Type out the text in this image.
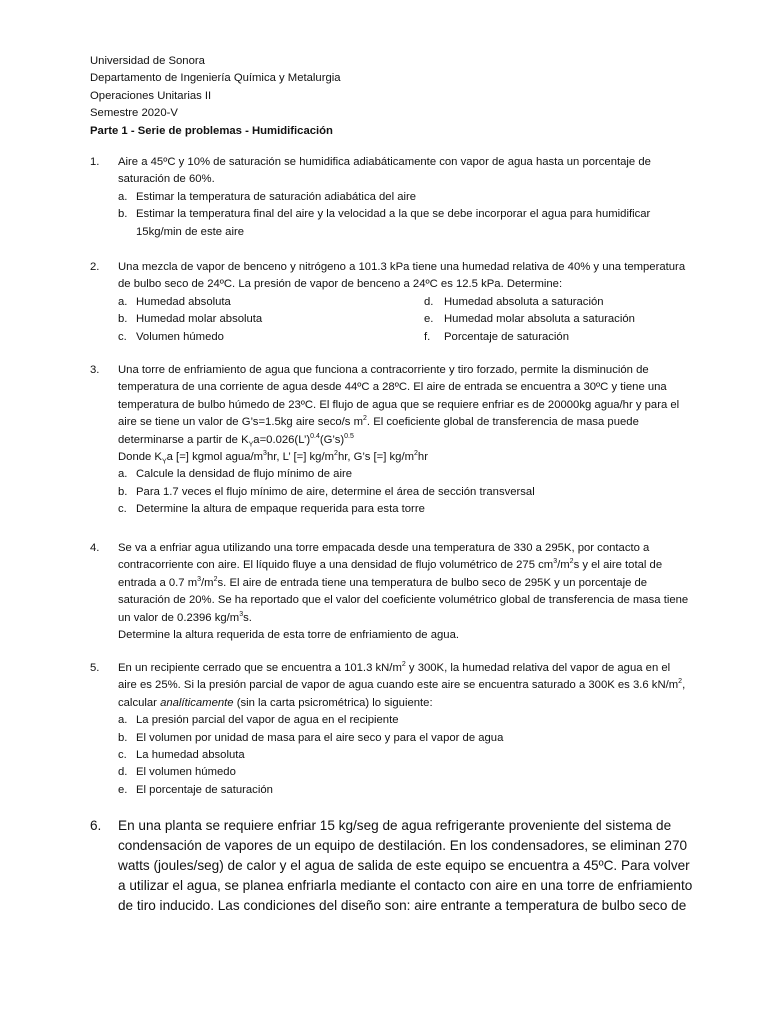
Universidad de Sonora
Departamento de Ingeniería Química y Metalurgia
Operaciones Unitarias II
Semestre 2020-V
Parte 1 - Serie de problemas - Humidificación
1. Aire a 45ºC y 10% de saturación se humidifica adiabáticamente con vapor de agua hasta un porcentaje de saturación de 60%.
a. Estimar la temperatura de saturación adiabática del aire
b. Estimar la temperatura final del aire y la velocidad a la que se debe incorporar el agua para humidificar 15kg/min de este aire
2. Una mezcla de vapor de benceno y nitrógeno a 101.3 kPa tiene una humedad relativa de 40% y una temperatura de bulbo seco de 24ºC. La presión de vapor de benceno a 24ºC es 12.5 kPa. Determine:
a. Humedad absoluta	d. Humedad absoluta a saturación
b. Humedad molar absoluta	e. Humedad molar absoluta a saturación
c. Volumen húmedo	f. Porcentaje de saturación
3. Una torre de enfriamiento de agua que funciona a contracorriente y tiro forzado, permite la disminución de temperatura de una corriente de agua desde 44ºC a 28ºC. El aire de entrada se encuentra a 30ºC y tiene una temperatura de bulbo húmedo de 23ºC. El flujo de agua que se requiere enfriar es de 20000kg agua/hr y para el aire se tiene un valor de G’s=1.5kg aire seco/s $m^2$. El coeficiente global de transferencia de masa puede determinarse a partir de $K_Ya=0.026(L’)^{0.4}(G’s)^{0.5}$
Donde $K_Ya$ [=] kgmol agua/$m^3hr$, L’ [=] $kg/m^2hr$, G’s [=] $kg/m^2hr$
a. Calcule la densidad de flujo mínimo de aire
b. Para 1.7 veces el flujo mínimo de aire, determine el área de sección transversal
c. Determine la altura de empaque requerida para esta torre
4. Se va a enfriar agua utilizando una torre empacada desde una temperatura de 330 a 295K, por contacto a contracorriente con aire. El líquido fluye a una densidad de flujo volumétrico de 275 $cm^3/m^2s$ y el aire total de entrada a 0.7 $m^3/m^2s$. El aire de entrada tiene una temperatura de bulbo seco de 295K y un porcentaje de saturación de 20%. Se ha reportado que el valor del coeficiente volumétrico global de transferencia de masa tiene un valor de 0.2396 $kg/m^3s$.
Determine la altura requerida de esta torre de enfriamiento de agua.
5. En un recipiente cerrado que se encuentra a 101.3 $kN/m^2$ y 300K, la humedad relativa del vapor de agua en el aire es 25%. Si la presión parcial de vapor de agua cuando este aire se encuentra saturado a 300K es 3.6 $kN/m^2$, calcular analíticamente (sin la carta psicrométrica) lo siguiente:
a. La presión parcial del vapor de agua en el recipiente
b. El volumen por unidad de masa para el aire seco y para el vapor de agua
c. La humedad absoluta
d. El volumen húmedo
e. El porcentaje de saturación
6. En una planta se requiere enfriar 15 kg/seg de agua refrigerante proveniente del sistema de condensación de vapores de un equipo de destilación. En los condensadores, se eliminan 270 watts (joules/seg) de calor y el agua de salida de este equipo se encuentra a 45ºC. Para volver a utilizar el agua, se planea enfriarla mediante el contacto con aire en una torre de enfriamiento de tiro inducido. Las condiciones del diseño son: aire entrante a temperatura de bulbo seco de
